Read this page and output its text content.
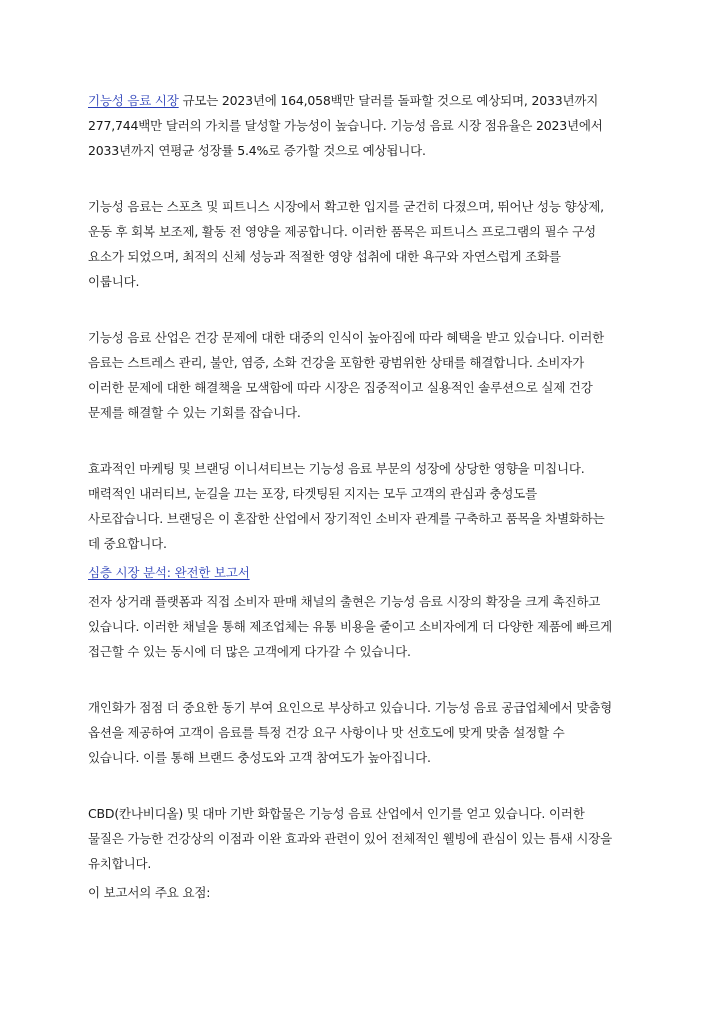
기능성 음료 시장 규모는 2023년에 164,058백만 달러를 돌파할 것으로 예상되며, 2033년까지
277,744백만 달러의 가치를 달성할 가능성이 높습니다. 기능성 음료 시장 점유율은 2023년에서
2033년까지 연평균 성장률 5.4%로 증가할 것으로 예상됩니다.

기능성 음료는 스포츠 및 피트니스 시장에서 확고한 입지를 굳건히 다졌으며, 뛰어난 성능 향상제,
운동 후 회복 보조제, 활동 전 영양을 제공합니다. 이러한 품목은 피트니스 프로그램의 필수 구성
요소가 되었으며, 최적의 신체 성능과 적절한 영양 섭취에 대한 욕구와 자연스럽게 조화를
이룹니다.

기능성 음료 산업은 건강 문제에 대한 대중의 인식이 높아짐에 따라 혜택을 받고 있습니다. 이러한
음료는 스트레스 관리, 불안, 염증, 소화 건강을 포함한 광범위한 상태를 해결합니다. 소비자가
이러한 문제에 대한 해결책을 모색함에 따라 시장은 집중적이고 실용적인 솔루션으로 실제 건강
문제를 해결할 수 있는 기회를 잡습니다.

효과적인 마케팅 및 브랜딩 이니셔티브는 기능성 음료 부문의 성장에 상당한 영향을 미칩니다.
매력적인 내러티브, 눈길을 끄는 포장, 타겟팅된 지지는 모두 고객의 관심과 충성도를
사로잡습니다. 브랜딩은 이 혼잡한 산업에서 장기적인 소비자 관계를 구축하고 품목을 차별화하는
데 중요합니다.

심층 시장 분석: 완전한 보고서

전자 상거래 플랫폼과 직접 소비자 판매 채널의 출현은 기능성 음료 시장의 확장을 크게 촉진하고
있습니다. 이러한 채널을 통해 제조업체는 유통 비용을 줄이고 소비자에게 더 다양한 제품에 빠르게
접근할 수 있는 동시에 더 많은 고객에게 다가갈 수 있습니다.

개인화가 점점 더 중요한 동기 부여 요인으로 부상하고 있습니다. 기능성 음료 공급업체에서 맞춤형
옵션을 제공하여 고객이 음료를 특정 건강 요구 사항이나 맛 선호도에 맞게 맞춤 설정할 수
있습니다. 이를 통해 브랜드 충성도와 고객 참여도가 높아집니다.

CBD(칸나비디올) 및 대마 기반 화합물은 기능성 음료 산업에서 인기를 얻고 있습니다. 이러한
물질은 가능한 건강상의 이점과 이완 효과와 관련이 있어 전체적인 웰빙에 관심이 있는 틈새 시장을
유치합니다.

이 보고서의 주요 요점:
